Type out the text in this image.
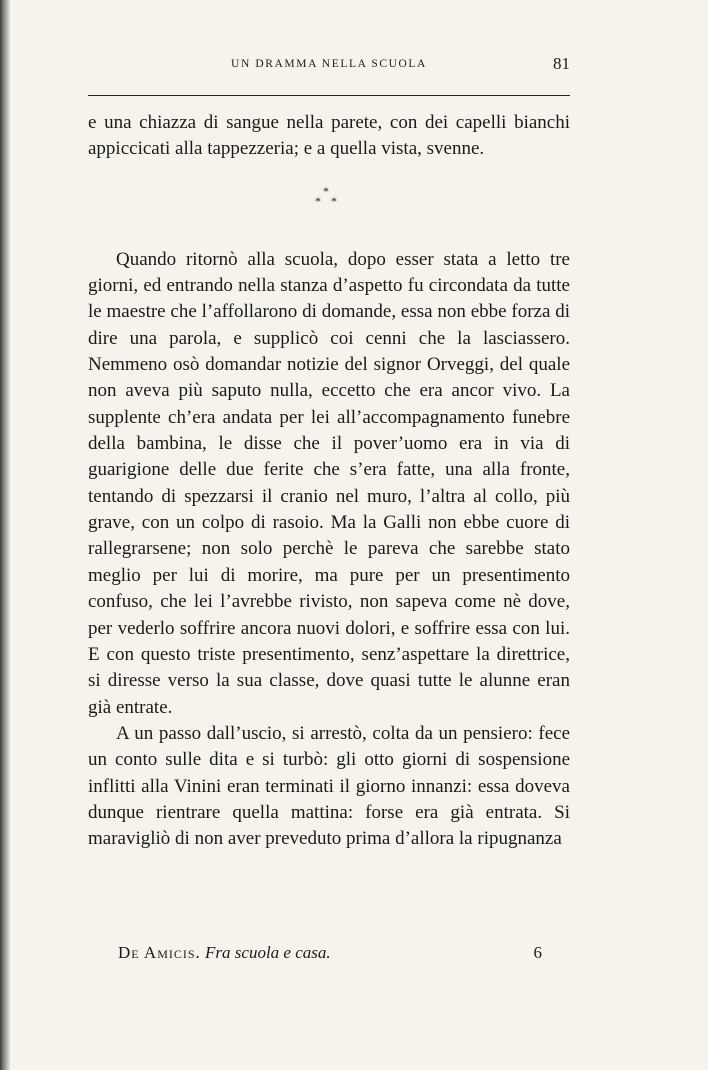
UN DRAMMA NELLA SCUOLA	81

e una chiazza di sangue nella parete, con dei capelli bianchi appiccicati alla tappezzeria; e a quella vista, svenne.

*
* *

Quando ritornò alla scuola, dopo esser stata a letto tre giorni, ed entrando nella stanza d’aspetto fu circondata da tutte le maestre che l’affollarono di domande, essa non ebbe forza di dire una parola, e supplicò coi cenni che la lasciassero. Nemmeno osò domandar notizie del signor Orveggi, del quale non aveva più saputo nulla, eccetto che era ancor vivo. La supplente ch’era andata per lei all’accompagnamento funebre della bambina, le disse che il pover’uomo era in via di guarigione delle due ferite che s’era fatte, una alla fronte, tentando di spezzarsi il cranio nel muro, l’altra al collo, più grave, con un colpo di rasoio. Ma la Galli non ebbe cuore di rallegrarsene; non solo perchè le pareva che sarebbe stato meglio per lui di morire, ma pure per un presentimento confuso, che lei l’avrebbe rivisto, non sapeva come nè dove, per vederlo soffrire ancora nuovi dolori, e soffrire essa con lui. E con questo triste presentimento, senz’aspettare la direttrice, si diresse verso la sua classe, dove quasi tutte le alunne eran già entrate.

A un passo dall’uscio, si arrestò, colta da un pensiero: fece un conto sulle dita e si turbò: gli otto giorni di sospensione inflitti alla Vinini eran terminati il giorno innanzi: essa doveva dunque rientrare quella mattina: forse era già entrata. Si maravigliò di non aver preveduto prima d’allora la ripugnanza

De Amicis. Fra scuola e casa.	6
